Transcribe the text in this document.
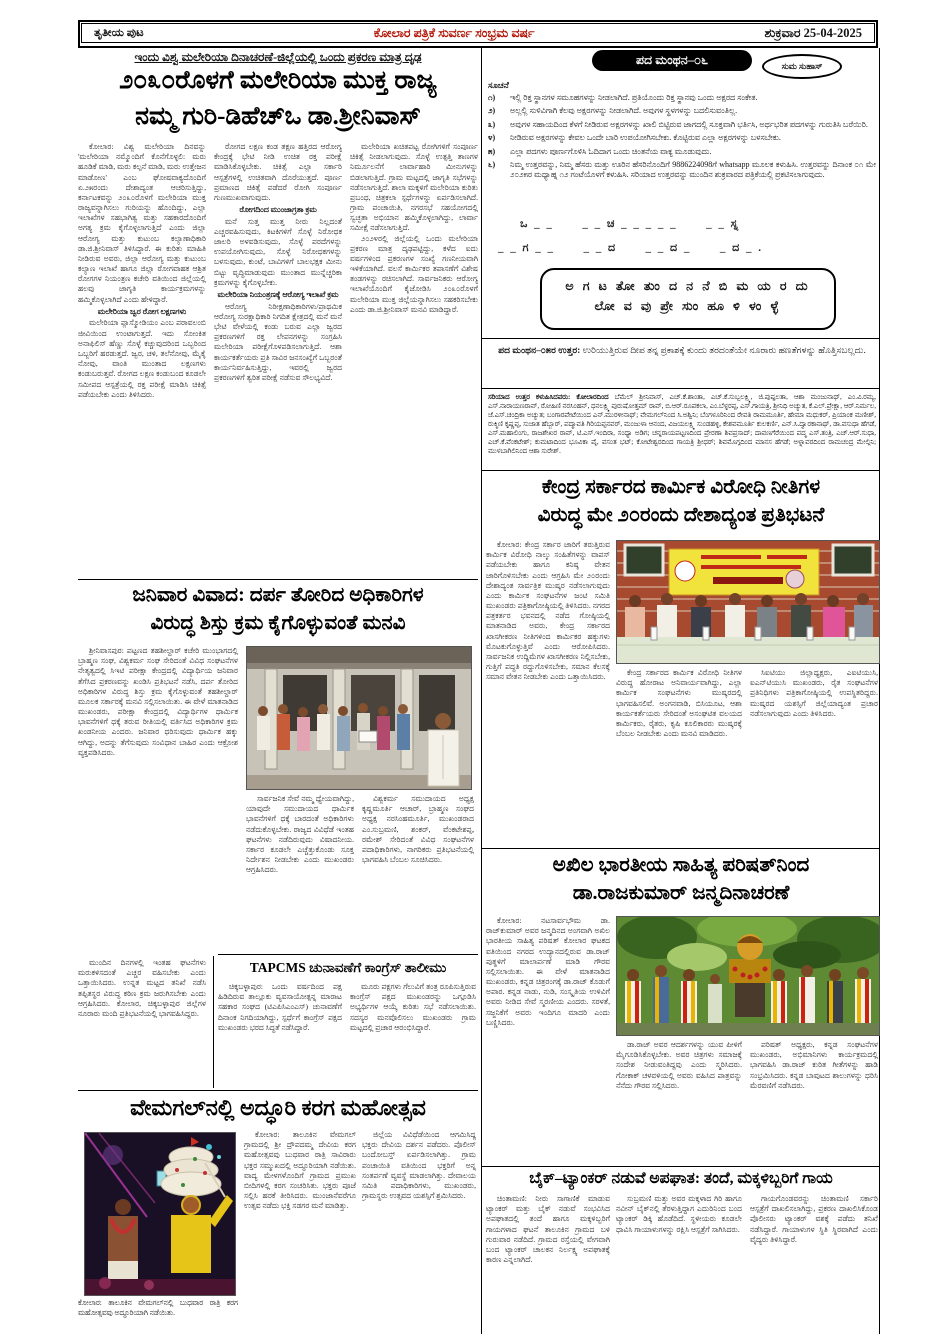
ತೃತೀಯ ಪುಟ	ಕೋಲಾರ ಪತ್ರಿಕೆ ಸುವರ್ಣ ಸಂಭ್ರಮ ವರ್ಷ	ಶುಕ್ರವಾರ 25-04-2025
ಇಂದು ವಿಶ್ವ ಮಲೇರಿಯಾ ದಿನಾಚರಣೆ-ಜಿಲ್ಲೆಯಲ್ಲಿ ಒಂದು ಪ್ರಕರಣ ಮಾತ್ರ ದೃಢ
೨೦೩೦ರೊಳಗೆ ಮಲೇರಿಯಾ ಮುಕ್ತ ರಾಜ್ಯ
ನಮ್ಮ ಗುರಿ-ಡಿಹೆಚ್ಒ ಡಾ.ಶ್ರೀನಿವಾಸ್
ಕೋಲಾರ: ವಿಶ್ವ ಮಲೇರಿಯಾ ದಿನವನ್ನು 'ಮಲೇರಿಯಾ ನಮ್ಮೊಂದಿಗೆ ಕೊನೆಗೊಳ್ಳಲಿ: ಮರು ಹೂಡಿಕೆ ಮಾಡಿ, ಮರು ಕಲ್ಪನೆ ಮಾಡಿ, ಮರು ಉತ್ತೇಜನ ಮಾಡೋಣ' ಎಂಬ ಘೋಷವಾಕ್ಯದೊಂದಿಗೆ ಏ.೨೫ರಂದು ದೇಶಾದ್ಯಂತ ಆಚರಿಸುತ್ತಿದ್ದು, ಕರ್ನಾಟಕವನ್ನು ೨೦೩೦ರೊಳಗೆ ಮಲೇರಿಯಾ ಮುಕ್ತ ರಾಜ್ಯವನ್ನಾಗಿಸಲು ಗುರಿಯನ್ನು ಹೊಂದಿದ್ದು, ಎಲ್ಲಾ ಇಲಾಖೆಗಳ ಸಹಭಾಗಿತ್ವ ಮತ್ತು ಸಹಕಾರದೊಂದಿಗೆ ಅಗತ್ಯ ಕ್ರಮ ಕೈಗೊಳ್ಳಲಾಗುತ್ತಿದೆ ಎಂದು ಜಿಲ್ಲಾ ಆರೋಗ್ಯ ಮತ್ತು ಕುಟುಂಬ ಕಲ್ಯಾಣಾಧಿಕಾರಿ ಡಾ.ಜಿ.ಶ್ರೀನಿವಾಸ್ ತಿಳಿಸಿದ್ದಾರೆ. ಈ ಕುರಿತು ಮಾಹಿತಿ ನೀಡಿರುವ ಅವರು, ಜಿಲ್ಲಾ ಆರೋಗ್ಯ ಮತ್ತು ಕುಟುಂಬ ಕಲ್ಯಾಣ ಇಲಾಖೆ ಹಾಗೂ ಜಿಲ್ಲಾ ರೋಗವಾಹಕ ಆಶ್ರಿತ ರೋಗಗಳ ನಿಯಂತ್ರಣ ಕಚೇರಿ ವತಿಯಿಂದ ಜಿಲ್ಲೆಯಲ್ಲಿ ಹಲವು ಜಾಗೃತಿ ಕಾರ್ಯಕ್ರಮಗಳನ್ನು ಹಮ್ಮಿಕೊಳ್ಳಲಾಗಿದೆ ಎಂದು ಹೇಳಿದ್ದಾರೆ.
ಮಲೇರಿಯಾ ಜ್ವರ ರೋಗ ಲಕ್ಷಣಗಳು
ಮಲೇರಿಯಾ ಪ್ಲಾಸ್ಮೋಡಿಯಂ ಎಂಬ ಪರಾವಲಂಬಿ ಜೀವಿಯಿಂದ ಉಂಟಾಗುತ್ತದೆ. ಇದು ಸೋಂಕಿತ ಅನಾಫಿಲಿಸ್ ಹೆಣ್ಣು ಸೊಳ್ಳೆ ಕಚ್ಚುವುದರಿಂದ ಒಬ್ಬರಿಂದ ಒಬ್ಬರಿಗೆ ಹರಡುತ್ತದೆ. ಜ್ವರ, ಚಳಿ, ತಲೆನೋವು, ಮೈಕೈ ನೋವು, ವಾಂತಿ ಮುಂತಾದ ಲಕ್ಷಣಗಳು ಕಂಡುಬರುತ್ತವೆ. ರೋಗದ ಲಕ್ಷಣ ಕಂಡುಬಂದ ಕೂಡಲೇ ಸಮೀಪದ ಆಸ್ಪತ್ರೆಯಲ್ಲಿ ರಕ್ತ ಪರೀಕ್ಷೆ ಮಾಡಿಸಿ ಚಿಕಿತ್ಸೆ ಪಡೆಯಬೇಕು ಎಂದು ತಿಳಿಸಿದರು.
ರೋಗದ ಲಕ್ಷಣ ಕಂಡ ತಕ್ಷಣ ಹತ್ತಿರದ ಆರೋಗ್ಯ ಕೇಂದ್ರಕ್ಕೆ ಭೇಟಿ ನೀಡಿ ಉಚಿತ ರಕ್ತ ಪರೀಕ್ಷೆ ಮಾಡಿಸಿಕೊಳ್ಳಬೇಕು. ಚಿಕಿತ್ಸೆ ಎಲ್ಲಾ ಸರ್ಕಾರಿ ಆಸ್ಪತ್ರೆಗಳಲ್ಲಿ ಉಚಿತವಾಗಿ ದೊರೆಯುತ್ತದೆ. ಪೂರ್ಣ ಪ್ರಮಾಣದ ಚಿಕಿತ್ಸೆ ಪಡೆದರೆ ರೋಗಿ ಸಂಪೂರ್ಣ ಗುಣಮುಖವಾಗುವುದು.
ರೋಗದಿಂದ ಮುಂಜಾಗ್ರತಾ ಕ್ರಮ
ಮನೆ ಸುತ್ತ ಮುತ್ತ ನೀರು ನಿಲ್ಲದಂತೆ ಎಚ್ಚರವಹಿಸುವುದು, ಕಿಟಕಿಗಳಿಗೆ ಸೊಳ್ಳೆ ನಿರೋಧಕ ಜಾಲರಿ ಅಳವಡಿಸುವುದು, ಸೊಳ್ಳೆ ಪರದೆಗಳನ್ನು ಉಪಯೋಗಿಸುವುದು, ಸೊಳ್ಳೆ ನಿರೋಧಕಗಳನ್ನು ಬಳಸುವುದು, ಕುಂಟೆ, ಬಾವಿಗಳಿಗೆ ಬಾಲಭಕ್ಷಕ ಮೀನು ಬಿಟ್ಟು ವೃದ್ಧಿಮಾಡುವುದು ಮುಂತಾದ ಮುನ್ನೆಚ್ಚರಿಕಾ ಕ್ರಮಗಳನ್ನು ಕೈಗೊಳ್ಳಬೇಕು.
ಮಲೇರಿಯಾ ನಿಯಂತ್ರಣಕ್ಕೆ ಆರೋಗ್ಯ ಇಲಾಖೆ ಕ್ರಮ
ಆರೋಗ್ಯ ನಿರೀಕ್ಷಣಾಧಿಕಾರಿಗಳು/ಪ್ರಾಥಮಿಕ ಆರೋಗ್ಯ ಸುರಕ್ಷಾಧಿಕಾರಿ ನಿಗದಿತ ಕ್ಷೇತ್ರದಲ್ಲಿ ಮನೆ ಮನೆ ಭೇಟಿ ವೇಳೆಯಲ್ಲಿ ಕಂಡು ಬರುವ ಎಲ್ಲಾ ಜ್ವರದ ಪ್ರಕರಣಗಳಿಗೆ ರಕ್ತ ಲೇಪನಗಳನ್ನು ಸಂಗ್ರಹಿಸಿ ಮಲೇರಿಯಾ ಪರೀಕ್ಷೆಗೊಳಪಡಿಸಲಾಗುತ್ತಿದೆ. ಆಶಾ ಕಾರ್ಯಕರ್ತೆಯರು ಪ್ರತಿ ಸಾವಿರ ಜನಸಂಖ್ಯೆಗೆ ಒಬ್ಬರಂತೆ ಕಾರ್ಯನಿರ್ವಹಿಸುತ್ತಿದ್ದು, ಇವರಲ್ಲಿ ಜ್ವರದ ಪ್ರಕರಣಗಳಿಗೆ ತ್ವರಿತ ಪರೀಕ್ಷೆ ನಡೆಸುವ ಸೌಲಭ್ಯವಿದೆ.
ಮಲೇರಿಯಾ ಖಚಿತಪಟ್ಟ ರೋಗಿಗಳಿಗೆ ಸಂಪೂರ್ಣ ಚಿಕಿತ್ಸೆ ನೀಡಲಾಗುವುದು. ಸೊಳ್ಳೆ ಉತ್ಪತ್ತಿ ತಾಣಗಳ ನಿರ್ಮೂಲನೆಗೆ ಲಾರ್ವಾಹಾರಿ ಮೀನುಗಳನ್ನು ಬಿಡಲಾಗುತ್ತಿದೆ. ಗ್ರಾಮ ಮಟ್ಟದಲ್ಲಿ ಜಾಗೃತಿ ಸಭೆಗಳನ್ನು ನಡೆಸಲಾಗುತ್ತಿದೆ. ಶಾಲಾ ಮಕ್ಕಳಿಗೆ ಮಲೇರಿಯಾ ಕುರಿತು ಪ್ರಬಂಧ, ಚಿತ್ರಕಲಾ ಸ್ಪರ್ಧೆಗಳನ್ನು ಏರ್ಪಡಿಸಲಾಗಿದೆ. ಗ್ರಾಮ ಪಂಚಾಯಿತಿ, ನಗರಸಭೆ ಸಹಯೋಗದಲ್ಲಿ ಸ್ವಚ್ಛತಾ ಅಭಿಯಾನ ಹಮ್ಮಿಕೊಳ್ಳಲಾಗಿದ್ದು, ಲಾರ್ವಾ ಸಮೀಕ್ಷೆ ನಡೆಸಲಾಗುತ್ತಿದೆ.
೨೦೨೪ರಲ್ಲಿ ಜಿಲ್ಲೆಯಲ್ಲಿ ಒಂದು ಮಲೇರಿಯಾ ಪ್ರಕರಣ ಮಾತ್ರ ದೃಢಪಟ್ಟಿದ್ದು, ಕಳೆದ ಐದು ವರ್ಷಗಳಿಂದ ಪ್ರಕರಣಗಳ ಸಂಖ್ಯೆ ಗಣನೀಯವಾಗಿ ಇಳಿಕೆಯಾಗಿದೆ. ವಲಸೆ ಕಾರ್ಮಿಕರ ತಪಾಸಣೆಗೆ ವಿಶೇಷ ತಂಡಗಳನ್ನು ರಚಿಸಲಾಗಿದೆ. ಸಾರ್ವಜನಿಕರು ಆರೋಗ್ಯ ಇಲಾಖೆಯೊಂದಿಗೆ ಕೈಜೋಡಿಸಿ ೨೦೩೦ರೊಳಗೆ ಮಲೇರಿಯಾ ಮುಕ್ತ ಜಿಲ್ಲೆಯನ್ನಾಗಿಸಲು ಸಹಕರಿಸಬೇಕು ಎಂದು ಡಾ.ಜಿ.ಶ್ರೀನಿವಾಸ್ ಮನವಿ ಮಾಡಿದ್ದಾರೆ.
ಜನಿವಾರ ವಿವಾದ: ದರ್ಪ ತೋರಿದ ಅಧಿಕಾರಿಗಳ
ವಿರುದ್ಧ ಶಿಸ್ತು ಕ್ರಮ ಕೈಗೊಳ್ಳುವಂತೆ ಮನವಿ
ಶ್ರೀನಿವಾಸಪುರ: ಪಟ್ಟಣದ ತಹಶೀಲ್ದಾರ್ ಕಚೇರಿ ಮುಂಭಾಗದಲ್ಲಿ ಬ್ರಾಹ್ಮಣ ಸಂಘ, ವಿಶ್ವಕರ್ಮ ಸಂಘ ಸೇರಿದಂತೆ ವಿವಿಧ ಸಂಘಟನೆಗಳ ನೇತೃತ್ವದಲ್ಲಿ ಸಿಇಟಿ ಪರೀಕ್ಷಾ ಕೇಂದ್ರದಲ್ಲಿ ವಿದ್ಯಾರ್ಥಿಯ ಜನಿವಾರ ತೆಗೆಸಿದ ಪ್ರಕರಣವನ್ನು ಖಂಡಿಸಿ ಪ್ರತಿಭಟನೆ ನಡೆಸಿ, ದರ್ಪ ತೋರಿದ ಅಧಿಕಾರಿಗಳ ವಿರುದ್ಧ ಶಿಸ್ತು ಕ್ರಮ ಕೈಗೊಳ್ಳುವಂತೆ ತಹಶೀಲ್ದಾರ್ ಮೂಲಕ ಸರ್ಕಾರಕ್ಕೆ ಮನವಿ ಸಲ್ಲಿಸಲಾಯಿತು. ಈ ವೇಳೆ ಮಾತನಾಡಿದ ಮುಖಂಡರು, ಪರೀಕ್ಷಾ ಕೇಂದ್ರದಲ್ಲಿ ವಿದ್ಯಾರ್ಥಿಗಳ ಧಾರ್ಮಿಕ ಭಾವನೆಗಳಿಗೆ ಧಕ್ಕೆ ತರುವ ರೀತಿಯಲ್ಲಿ ವರ್ತಿಸಿದ ಅಧಿಕಾರಿಗಳ ಕ್ರಮ ಖಂಡನೀಯ ಎಂದರು. ಜನಿವಾರ ಧರಿಸುವುದು ಧಾರ್ಮಿಕ ಹಕ್ಕು ಆಗಿದ್ದು, ಅದನ್ನು ತೆಗೆಸುವುದು ಸಂವಿಧಾನ ಬಾಹಿರ ಎಂದು ಆಕ್ರೋಶ ವ್ಯಕ್ತಪಡಿಸಿದರು.
ಸಾರ್ವಜನಿಕ ಸೇವೆ ನಮ್ಮ ಧ್ಯೇಯವಾಗಿದ್ದು, ಯಾವುದೇ ಸಮುದಾಯದ ಧಾರ್ಮಿಕ ಭಾವನೆಗಳಿಗೆ ಧಕ್ಕೆ ಬಾರದಂತೆ ಅಧಿಕಾರಿಗಳು ನಡೆದುಕೊಳ್ಳಬೇಕು. ರಾಜ್ಯದ ವಿವಿಧೆಡೆ ಇಂತಹ ಘಟನೆಗಳು ನಡೆದಿರುವುದು ವಿಷಾದನೀಯ. ಸರ್ಕಾರ ಕೂಡಲೇ ಎಚ್ಚೆತ್ತುಕೊಂಡು ಸೂಕ್ತ ನಿರ್ದೇಶನ ನೀಡಬೇಕು ಎಂದು ಮುಖಂಡರು ಆಗ್ರಹಿಸಿದರು.
ವಿಶ್ವಕರ್ಮ ಸಮುದಾಯದ ಅಧ್ಯಕ್ಷ ಕೃಷ್ಣಮೂರ್ತಿ ಆಚಾರ್, ಬ್ರಾಹ್ಮಣ ಸಂಘದ ಅಧ್ಯಕ್ಷ ನರಸಿಂಹಮೂರ್ತಿ, ಮುಖಂಡರಾದ ಎಂ.ಸುಬ್ರಮಣಿ, ಶಂಕರ್, ವೆಂಕಟೇಶಪ್ಪ, ರಮೇಶ್ ಸೇರಿದಂತೆ ವಿವಿಧ ಸಂಘಟನೆಗಳ ಪದಾಧಿಕಾರಿಗಳು, ನಾಗರಿಕರು ಪ್ರತಿಭಟನೆಯಲ್ಲಿ ಭಾಗವಹಿಸಿ ಬೆಂಬಲ ಸೂಚಿಸಿದರು.
ಮುಂದಿನ ದಿನಗಳಲ್ಲಿ ಇಂತಹ ಘಟನೆಗಳು ಮರುಕಳಿಸದಂತೆ ಎಚ್ಚರ ವಹಿಸಬೇಕು ಎಂದು ಒತ್ತಾಯಿಸಿದರು. ಉನ್ನತ ಮಟ್ಟದ ತನಿಖೆ ನಡೆಸಿ ತಪ್ಪಿತಸ್ಥರ ವಿರುದ್ಧ ಕಠಿಣ ಕ್ರಮ ಜರುಗಿಸಬೇಕು ಎಂದು ಆಗ್ರಹಿಸಿದರು. ಕೋಲಾರ, ಚಿಕ್ಕಬಳ್ಳಾಪುರ ಜಿಲ್ಲೆಗಳ ನೂರಾರು ಮಂದಿ ಪ್ರತಿಭಟನೆಯಲ್ಲಿ ಭಾಗವಹಿಸಿದ್ದರು.
TAPCMS ಚುನಾವಣೆಗೆ ಕಾಂಗ್ರೆಸ್ ತಾಲೀಮು
ಚಿಕ್ಕಬಳ್ಳಾಪುರ: ಒಂದು ವರ್ಷದಿಂದ ಪಕ್ಷ ಹಿಡಿದಿರುವ ತಾಲ್ಲೂಕು ವ್ಯವಸಾಯೋತ್ಪನ್ನ ಮಾರಾಟ ಸಹಕಾರ ಸಂಘದ (ಟಿಎಪಿಸಿಎಂಎಸ್) ಚುನಾವಣೆಗೆ ದಿನಾಂಕ ನಿಗದಿಯಾಗಿದ್ದು, ಸ್ಪರ್ಧೆಗೆ ಕಾಂಗ್ರೆಸ್ ಪಕ್ಷದ ಮುಖಂಡರು ಭರದ ಸಿದ್ಧತೆ ನಡೆಸಿದ್ದಾರೆ.
ಮೂರು ಪಕ್ಷಗಳು ಗೆಲುವಿಗೆ ತಂತ್ರ ರೂಪಿಸುತ್ತಿರುವ ಕಾಂಗ್ರೆಸ್ ಪಕ್ಷದ ಮುಖಂಡರನ್ನು ಒಗ್ಗೂಡಿಸಿ ಅಭ್ಯರ್ಥಿಗಳ ಆಯ್ಕೆ ಕುರಿತು ಸಭೆ ನಡೆಸಲಾಯಿತು. ಸದಸ್ಯರ ಮನವೊಲಿಸಲು ಮುಖಂಡರು ಗ್ರಾಮ ಮಟ್ಟದಲ್ಲಿ ಪ್ರಚಾರ ಆರಂಭಿಸಿದ್ದಾರೆ.
ವೇಮಗಲ್‌ನಲ್ಲಿ ಅದ್ಧೂರಿ ಕರಗ ಮಹೋತ್ಸವ
ಕೋಲಾರ: ತಾಲೂಕಿನ ವೇಮಗಲ್‌ನಲ್ಲಿ ಬುಧವಾರ ರಾತ್ರಿ ಕರಗ ಮಹೋತ್ಸವವು ಅದ್ಧೂರಿಯಾಗಿ ನಡೆಯಿತು.
ಕೋಲಾರ: ತಾಲೂಕಿನ ವೇಮಗಲ್ ಗ್ರಾಮದಲ್ಲಿ ಶ್ರೀ ದ್ರೌಪದಮ್ಮ ದೇವಿಯ ಕರಗ ಮಹೋತ್ಸವವು ಬುಧವಾರ ರಾತ್ರಿ ಸಾವಿರಾರು ಭಕ್ತರ ಸಮ್ಮುಖದಲ್ಲಿ ಅದ್ಧೂರಿಯಾಗಿ ನಡೆಯಿತು. ವಾದ್ಯ ಮೇಳಗಳೊಂದಿಗೆ ಗ್ರಾಮದ ಪ್ರಮುಖ ಬೀದಿಗಳಲ್ಲಿ ಕರಗ ಸಂಚರಿಸಿತು. ಭಕ್ತರು ಪೂಜೆ ಸಲ್ಲಿಸಿ ಹರಕೆ ತೀರಿಸಿದರು. ಮುಂಜಾನೆವರೆಗೂ ಉತ್ಸವ ನಡೆದು ಭಕ್ತಿ ಸಡಗರ ಮನೆ ಮಾಡಿತ್ತು.
ಜಿಲ್ಲೆಯ ವಿವಿಧೆಡೆಯಿಂದ ಆಗಮಿಸಿದ್ದ ಭಕ್ತರು ದೇವಿಯ ದರ್ಶನ ಪಡೆದರು. ಪೊಲೀಸ್ ಬಂದೋಬಸ್ತ್ ಏರ್ಪಡಿಸಲಾಗಿತ್ತು. ಗ್ರಾಮ ಪಂಚಾಯಿತಿ ವತಿಯಿಂದ ಭಕ್ತರಿಗೆ ಅನ್ನ ಸಂತರ್ಪಣೆ ವ್ಯವಸ್ಥೆ ಮಾಡಲಾಗಿತ್ತು. ದೇವಾಲಯ ಸಮಿತಿ ಪದಾಧಿಕಾರಿಗಳು, ಮುಖಂಡರು, ಗ್ರಾಮಸ್ಥರು ಉತ್ಸವದ ಯಶಸ್ಸಿಗೆ ಶ್ರಮಿಸಿದರು.
ಪದ ಮಂಥನ–೦೬	ಸುಮ ಸುಹಾಸ್
ಸೂಚನೆ
೧)	ಇಲ್ಲಿ ರಿಕ್ತ ಸ್ಥಾನಗಳ ಸಮೂಹಗಳನ್ನು ನೀಡಲಾಗಿದೆ. ಪ್ರತಿಯೊಂದು ರಿಕ್ತ ಸ್ಥಾನವು ಒಂದು ಅಕ್ಷರದ ಸಂಕೇತ.
೨)	ಅಲ್ಲಲ್ಲಿ ಸುಳಿವಿಗಾಗಿ ಕೆಲವು ಅಕ್ಷರಗಳನ್ನು ನೀಡಲಾಗಿದೆ. ಅವುಗಳ ಸ್ಥಳಗಳನ್ನು ಬದಲಿಸುವಂತಿಲ್ಲ.
೩)	ಅವುಗಳ ಸಹಾಯದಿಂದ ಕೆಳಗೆ ನೀಡಿರುವ ಅಕ್ಷರಗಳನ್ನು ಖಾಲಿ ಬಿಟ್ಟಿರುವ ಜಾಗದಲ್ಲಿ ಸೂಕ್ತವಾಗಿ ಭರ್ತಿಸಿ, ಅರ್ಥಭರಿತ ಪದಗಳನ್ನು ಗುರುತಿಸಿ ಬರೆಯಿರಿ.
೪)	ನೀಡಿರುವ ಅಕ್ಷರಗಳನ್ನು ಕೇವಲ ಒಂದೇ ಬಾರಿ ಉಪಯೋಗಿಸಬೇಕು. ಕೊಟ್ಟಿರುವ ಎಲ್ಲಾ ಅಕ್ಷರಗಳನ್ನು ಬಳಸಬೇಕು.
೫)	ಎಲ್ಲಾ ಪದಗಳು ಪೂರ್ಣಗೊಳಿಸಿ ಓದಿದಾಗ ಒಂದು ಚಿಂತನೆಯ ವಾಕ್ಯ ಮೂಡುವುದು.
೬)	ನಿಮ್ಮ ಉತ್ತರವನ್ನು, ನಿಮ್ಮ ಹೆಸರು ಮತ್ತು ಊರಿನ ಹೆಸರಿನೊಂದಿಗೆ 9886224098ಗೆ whatsapp ಮೂಲಕ ಕಳುಹಿಸಿ. ಉತ್ತರವನ್ನು ದಿನಾಂಕ ೦೧ ಮೇ ೨೦೨೫ರ ಮಧ್ಯಾಹ್ನ ೧೨ ಗಂಟೆಯೊಳಗೆ ಕಳುಹಿಸಿ. ಸರಿಯಾದ ಉತ್ತರವನ್ನು ಮುಂದಿನ ಶುಕ್ರವಾರದ ಪತ್ರಿಕೆಯಲ್ಲಿ ಪ್ರಕಟಿಸಲಾಗುವುದು.
ಒ _ _      _ _ ಚ _ _ _ _ _      _ _ ಸ್ನ
_ _ ಗ _ _      _ _ ದ      _ _ ದ _      _ ದ _ .
ಅ ಗ ಟ ತೋ ತುಂ ದ ನ ನೆ ಬಿ ಮ ಯ ರ ದು
ಲೋ ವ ವು ಪ್ರೇ ಸುಂ ಹೂ ಳಿ ಳಂ ಳ್ಳೆ
ಪದ ಮಂಥನ–೦೫ರ ಉತ್ತರ: ಉರಿಯುತ್ತಿರುವ ದೀಪ ತನ್ನ ಪ್ರಕಾಶಕ್ಕೆ ಕುಂದು ತರದಂತೆಯೇ ನೂರಾರು ಹಣತೆಗಳನ್ನು ಹೊತ್ತಿಸಬಲ್ಲದು.
ಸರಿಯಾದ ಉತ್ತರ ಕಳುಹಿಸಿದವರು: ಕೋಲಾರದಿಂದ ಬೆಮೆಲ್ ಶ್ರೀನಿವಾಸ್, ಎಚ್.ಕೆ.ಶಾಂತಾ, ಎಚ್.ಕೆ.ಸುಬ್ಬಲಕ್ಷ್ಮಿ, ಜಿ.ಪುಷ್ಪಲತಾ, ಆಶಾ ಮಂಜುನಾಥ್, ಎಂ.ವಿ.ರಮ್ಯ, ಎಸ್.ನಾರಾಯಣರಾವ್, ರೋಹಿಣಿ ನರಸಿಂಹನ್, ಧನಲಕ್ಷ್ಮಿ ಪುರುಷೋತ್ತಮ್ ರಾವ್, ಬಿ.ಆರ್.ರೂಪಕಲಾ, ಎಂ.ಬೆಳ್ಳರಪ್ಪ, ಎಸ್.ಗಾಯತ್ರಿ, ಶ್ರೀನಿಧಿ ಅಚ್ಯುತ, ಕೆ.ಎಲ್.ಪ್ರೇಕ್ಷಾ, ಆರ್.ನಿರ್ಮಲ, ಜೆ.ಎಸ್.ಚಂದ್ರಿಕಾ ಅಚ್ಯುತ; ಬಂಗಾರಪೇಟೆಯಿಂದ ಎನ್.ಮುರಳೀನಾಥ್; ವೇಮಗಲ್‌ನಿಂದ ಸಿ.ಅಶ್ವಿನಿ; ಬೆಂಗಳೂರಿನಿಂದ ರೇವತಿ ರಾಮಮೂರ್ತಿ, ಹೇಮಾ ಮಧುಕರ್, ಪ್ರಿಯಾಂಕ ಮಣೀಶ್, ರುಕ್ಮಿಣಿ ಕೃಷ್ಣಪ್ಪ, ಸುಜಾತ ಹೆಬ್ಬಾರ್, ಪದ್ಮಾವತಿ ಗಿರಿಯಪ್ಪನವರ್, ಮಂಜುಳಾ ಆನಂದ, ವಿಜಯಲಕ್ಷ್ಮಿ ಸುಂಡಹಳ್ಳಿ, ಕೇಶವಮೂರ್ತಿ ಕುಲಕರ್ಣಿ, ಎನ್.ಸಿ.ದ್ವಾರಕಾನಾಥ್, ಡಾ.ವಸುಧಾ ಹೆಗಡೆ, ಎಸ್.ಮಹಾಲಿಂಗು, ರಾಜಶೇಖರ ರಾವ್, ಟಿ.ಎಸ್.ಇಂದಿರಾ, ಸಂಧ್ಯಾ ಅಡಿಗ; ಚನ್ನರಾಯಪಟ್ಟಣದಿಂದ ಪ್ರೇರಣಾ ಶಿವಪ್ರಸಾದ್; ದಾವಣಗೆರೆಯಿಂದ ಪದ್ಮ ಎಸ್.ತಂತ್ರಿ, ಎಚ್.ಆರ್.ಸುಧಾ, ಎಚ್.ಕೆ.ವೆಂಕಟೇಶ್; ಕುಮಟಾದಿಂದ ಭೂವಿಕಾ ಪೈ, ವಸಂತ ಭಟ್; ಕೋಟೇಶ್ವರದಿಂದ ಗಾಯತ್ರಿ ಶ್ರೀಧರ್; ಶಿವಮೊಗ್ಗದಿಂದ ಮಾನಸ ಹೆಗಡೆ; ಅಳ್ನಾವರದಿಂದ ರಾಮಚಂದ್ರ ಮೇಲ್ಗಿನಿ; ಮುಳಬಾಗಿಲಿನಿಂದ ಆಶಾ ಸುರೇಶ್.
ಕೇಂದ್ರ ಸರ್ಕಾರದ ಕಾರ್ಮಿಕ ವಿರೋಧಿ ನೀತಿಗಳ
ವಿರುದ್ಧ ಮೇ ೨೦ರಂದು ದೇಶಾದ್ಯಂತ ಪ್ರತಿಭಟನೆ
ಕೋಲಾರ: ಕೇಂದ್ರ ಸರ್ಕಾರ ಜಾರಿಗೆ ತರುತ್ತಿರುವ ಕಾರ್ಮಿಕ ವಿರೋಧಿ ನಾಲ್ಕು ಸಂಹಿತೆಗಳನ್ನು ವಾಪಸ್ ಪಡೆಯಬೇಕು ಹಾಗೂ ಕನಿಷ್ಠ ವೇತನ ಜಾರಿಗೊಳಿಸಬೇಕು ಎಂದು ಆಗ್ರಹಿಸಿ ಮೇ ೨೦ರಂದು ದೇಶಾದ್ಯಂತ ಸಾರ್ವತ್ರಿಕ ಮುಷ್ಕರ ನಡೆಸಲಾಗುವುದು ಎಂದು ಕಾರ್ಮಿಕ ಸಂಘಟನೆಗಳ ಜಂಟಿ ಸಮಿತಿ ಮುಖಂಡರು ಪತ್ರಿಕಾಗೋಷ್ಠಿಯಲ್ಲಿ ತಿಳಿಸಿದರು. ನಗರದ ಪತ್ರಕರ್ತರ ಭವನದಲ್ಲಿ ನಡೆದ ಗೋಷ್ಠಿಯಲ್ಲಿ ಮಾತನಾಡಿದ ಅವರು, ಕೇಂದ್ರ ಸರ್ಕಾರದ ಖಾಸಗೀಕರಣ ನೀತಿಗಳಿಂದ ಕಾರ್ಮಿಕರ ಹಕ್ಕುಗಳು ಮೊಟಕುಗೊಳ್ಳುತ್ತಿವೆ ಎಂದು ಆರೋಪಿಸಿದರು. ಸಾರ್ವಜನಿಕ ಉದ್ದಿಮೆಗಳ ಖಾಸಗೀಕರಣ ನಿಲ್ಲಿಸಬೇಕು, ಗುತ್ತಿಗೆ ಪದ್ಧತಿ ರದ್ದುಗೊಳಿಸಬೇಕು, ಸಮಾನ ಕೆಲಸಕ್ಕೆ ಸಮಾನ ವೇತನ ನೀಡಬೇಕು ಎಂದು ಒತ್ತಾಯಿಸಿದರು.	ಕೇಂದ್ರ ಸರ್ಕಾರದ ಕಾರ್ಮಿಕ ವಿರೋಧಿ ನೀತಿಗಳ ವಿರುದ್ಧ ಹೋರಾಟ ಅನಿವಾರ್ಯವಾಗಿದ್ದು, ಎಲ್ಲಾ ಕಾರ್ಮಿಕ ಸಂಘಟನೆಗಳು ಮುಷ್ಕರದಲ್ಲಿ ಭಾಗವಹಿಸಲಿವೆ. ಅಂಗನವಾಡಿ, ಬಿಸಿಯೂಟ, ಆಶಾ ಕಾರ್ಯಕರ್ತೆಯರು ಸೇರಿದಂತೆ ಅಸಂಘಟಿತ ವಲಯದ ಕಾರ್ಮಿಕರು, ರೈತರು, ಕೃಷಿ ಕೂಲಿಕಾರರು ಮುಷ್ಕರಕ್ಕೆ ಬೆಂಬಲ ನೀಡಬೇಕು ಎಂದು ಮನವಿ ಮಾಡಿದರು.
ಸಿಐಟಿಯು ಜಿಲ್ಲಾಧ್ಯಕ್ಷರು, ಎಐಟಿಯುಸಿ, ಐಎನ್‌ಟಿಯುಸಿ ಮುಖಂಡರು, ರೈತ ಸಂಘಟನೆಗಳ ಪ್ರತಿನಿಧಿಗಳು ಪತ್ರಿಕಾಗೋಷ್ಠಿಯಲ್ಲಿ ಉಪಸ್ಥಿತರಿದ್ದರು. ಮುಷ್ಕರದ ಯಶಸ್ಸಿಗೆ ಜಿಲ್ಲೆಯಾದ್ಯಂತ ಪ್ರಚಾರ ನಡೆಸಲಾಗುವುದು ಎಂದು ತಿಳಿಸಿದರು.
ಅಖಿಲ ಭಾರತೀಯ ಸಾಹಿತ್ಯ ಪರಿಷತ್‌ನಿಂದ
ಡಾ.ರಾಜಕುಮಾರ್ ಜನ್ಮದಿನಾಚರಣೆ
ಕೋಲಾರ: ನಟಸಾರ್ವಭೌಮ ಡಾ. ರಾಜ್‌ಕುಮಾರ್ ಅವರ ಜನ್ಮದಿನದ ಅಂಗವಾಗಿ ಅಖಿಲ ಭಾರತೀಯ ಸಾಹಿತ್ಯ ಪರಿಷತ್ ಕೋಲಾರ ಘಟಕದ ವತಿಯಿಂದ ನಗರದ ಉದ್ಯಾನದಲ್ಲಿರುವ ಡಾ.ರಾಜ್ ಪುತ್ಥಳಿಗೆ ಮಾಲಾರ್ಪಣೆ ಮಾಡಿ ಗೌರವ ಸಲ್ಲಿಸಲಾಯಿತು. ಈ ವೇಳೆ ಮಾತನಾಡಿದ ಮುಖಂಡರು, ಕನ್ನಡ ಚಿತ್ರರಂಗಕ್ಕೆ ಡಾ.ರಾಜ್ ಕೊಡುಗೆ ಅಪಾರ. ಕನ್ನಡ ನಾಡು, ನುಡಿ, ಸಂಸ್ಕೃತಿಯ ಉಳಿವಿಗೆ ಅವರು ನೀಡಿದ ಸೇವೆ ಸ್ಮರಣೀಯ ಎಂದರು. ಸರಳತೆ, ಸಜ್ಜನಿಕೆಗೆ ಅವರು ಇಂದಿಗೂ ಮಾದರಿ ಎಂದು ಬಣ್ಣಿಸಿದರು.
ಡಾ.ರಾಜ್ ಅವರ ಆದರ್ಶಗಳನ್ನು ಯುವ ಪೀಳಿಗೆ ಮೈಗೂಡಿಸಿಕೊಳ್ಳಬೇಕು. ಅವರ ಚಿತ್ರಗಳು ಸಮಾಜಕ್ಕೆ ಸಂದೇಶ ನೀಡುವಂತಿದ್ದವು ಎಂದು ಸ್ಮರಿಸಿದರು. ಗೋಕಾಕ್ ಚಳವಳಿಯಲ್ಲಿ ಅವರು ವಹಿಸಿದ ಪಾತ್ರವನ್ನು ನೆನೆದು ಗೌರವ ಸಲ್ಲಿಸಿದರು.
ಪರಿಷತ್ ಅಧ್ಯಕ್ಷರು, ಕನ್ನಡ ಸಂಘಟನೆಗಳ ಮುಖಂಡರು, ಅಭಿಮಾನಿಗಳು ಕಾರ್ಯಕ್ರಮದಲ್ಲಿ ಭಾಗವಹಿಸಿ ಡಾ.ರಾಜ್ ಕುರಿತ ಗೀತೆಗಳನ್ನು ಹಾಡಿ ಸಂಭ್ರಮಿಸಿದರು. ಕನ್ನಡ ಬಾವುಟದ ಶಾಲುಗಳನ್ನು ಧರಿಸಿ ಮೆರವಣಿಗೆ ನಡೆಸಿದರು.
ಬೈಕ್–ಟ್ಯಾಂಕರ್ ನಡುವೆ ಅಪಘಾತ: ತಂದೆ, ಮಕ್ಕಳಿಬ್ಬರಿಗೆ ಗಾಯ
ಚಿಂತಾಮಣಿ: ನೀರು ಸಾಗಾಣಿಕೆ ಮಾಡುವ ಟ್ಯಾಂಕರ್ ಮತ್ತು ಬೈಕ್ ನಡುವೆ ಸಂಭವಿಸಿದ ಅಪಘಾತದಲ್ಲಿ ತಂದೆ ಹಾಗೂ ಮಕ್ಕಳಿಬ್ಬರಿಗೆ ಗಾಯಗಳಾದ ಘಟನೆ ತಾಲೂಕಿನ ಗ್ರಾಮದ ಬಳಿ ಗುರುವಾರ ನಡೆದಿದೆ. ಗ್ರಾಮದ ರಸ್ತೆಯಲ್ಲಿ ವೇಗವಾಗಿ ಬಂದ ಟ್ಯಾಂಕರ್ ಚಾಲಕನ ನಿರ್ಲಕ್ಷ್ಯ ಅಪಘಾತಕ್ಕೆ ಕಾರಣ ಎನ್ನಲಾಗಿದೆ.
ಸುಬ್ರಮಣಿ ಮತ್ತು ಅವರ ಮಕ್ಕಳಾದ ಗಿರಿ ಹಾಗೂ ನವೀನ್ ಬೈಕ್‌ನಲ್ಲಿ ತೆರಳುತ್ತಿದ್ದಾಗ ಎದುರಿನಿಂದ ಬಂದ ಟ್ಯಾಂಕರ್ ಡಿಕ್ಕಿ ಹೊಡೆದಿದೆ. ಸ್ಥಳೀಯರು ಕೂಡಲೇ ಧಾವಿಸಿ ಗಾಯಾಳುಗಳನ್ನು ರಕ್ಷಿಸಿ ಆಸ್ಪತ್ರೆಗೆ ಸಾಗಿಸಿದರು.
ಗಾಯಗೊಂಡವರನ್ನು ಚಿಂತಾಮಣಿ ಸರ್ಕಾರಿ ಆಸ್ಪತ್ರೆಗೆ ದಾಖಲಿಸಲಾಗಿದ್ದು, ಪ್ರಕರಣ ದಾಖಲಿಸಿಕೊಂಡ ಪೊಲೀಸರು ಟ್ಯಾಂಕರ್ ವಶಕ್ಕೆ ಪಡೆದು ತನಿಖೆ ನಡೆಸಿದ್ದಾರೆ. ಗಾಯಾಳುಗಳ ಸ್ಥಿತಿ ಸ್ಥಿರವಾಗಿದೆ ಎಂದು ವೈದ್ಯರು ತಿಳಿಸಿದ್ದಾರೆ.
